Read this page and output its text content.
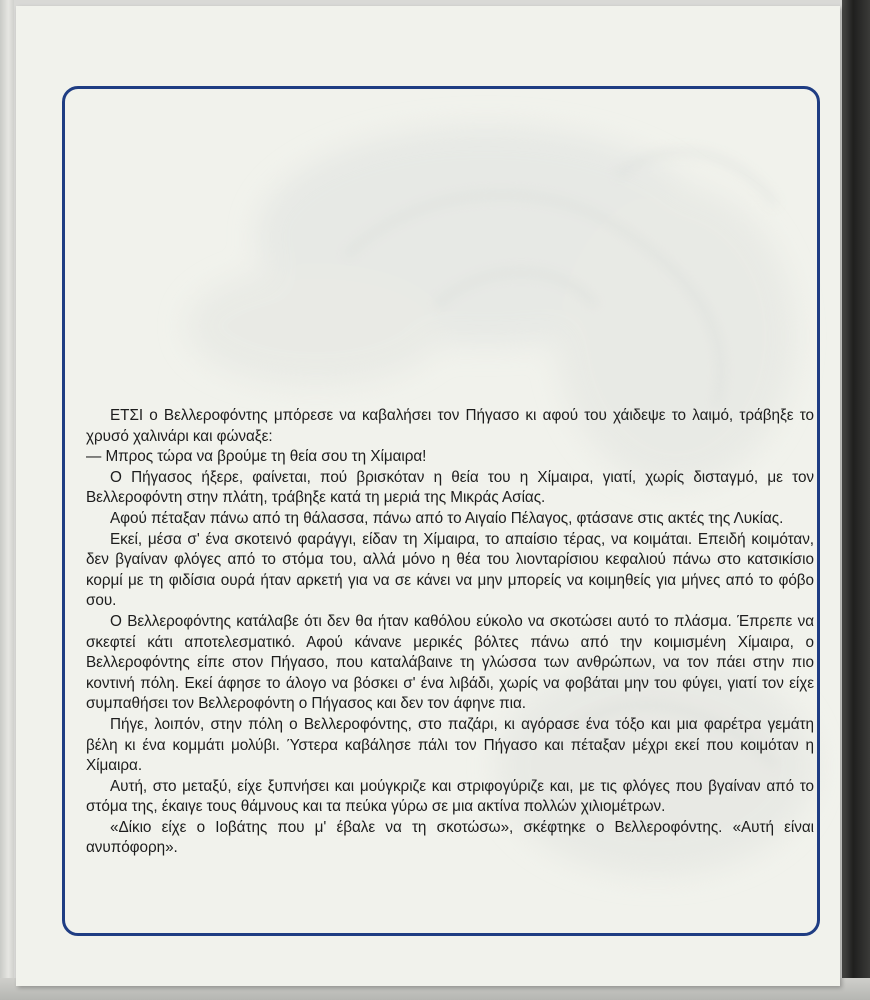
ΕΤΣΙ ο Βελλεροφόντης μπόρεσε να καβαλήσει τον Πήγασο κι αφού του χάιδεψε το λαιμό, τράβηξε το χρυσό χαλινάρι και φώναξε:

— Μπρος τώρα να βρούμε τη θεία σου τη Χίμαιρα!

Ο Πήγασος ήξερε, φαίνεται, πού βρισκόταν η θεία του η Χίμαιρα, γιατί, χωρίς δισταγμό, με τον Βελλεροφόντη στην πλάτη, τράβηξε κατά τη μεριά της Μικράς Ασίας.

Αφού πέταξαν πάνω από τη θάλασσα, πάνω από το Αιγαίο Πέλαγος, φτάσανε στις ακτές της Λυκίας.

Εκεί, μέσα σ' ένα σκοτεινό φαράγγι, είδαν τη Χίμαιρα, το απαίσιο τέρας, να κοιμάται. Επειδή κοιμόταν, δεν βγαίναν φλόγες από το στόμα του, αλλά μόνο η θέα του λιονταρίσιου κεφαλιού πάνω στο κατσικίσιο κορμί με τη φιδίσια ουρά ήταν αρκετή για να σε κάνει να μην μπορείς να κοιμηθείς για μήνες από το φόβο σου.

Ο Βελλεροφόντης κατάλαβε ότι δεν θα ήταν καθόλου εύκολο να σκοτώσει αυτό το πλάσμα. Έπρεπε να σκεφτεί κάτι αποτελεσματικό. Αφού κάνανε μερικές βόλτες πάνω από την κοιμισμένη Χίμαιρα, ο Βελλεροφόντης είπε στον Πήγασο, που καταλάβαινε τη γλώσσα των ανθρώπων, να τον πάει στην πιο κοντινή πόλη. Εκεί άφησε το άλογο να βόσκει σ' ένα λιβάδι, χωρίς να φοβάται μην του φύγει, γιατί τον είχε συμπαθήσει τον Βελλεροφόντη ο Πήγασος και δεν τον άφηνε πια.

Πήγε, λοιπόν, στην πόλη ο Βελλεροφόντης, στο παζάρι, κι αγόρασε ένα τόξο και μια φαρέτρα γεμάτη βέλη κι ένα κομμάτι μολύβι. Ύστερα καβάλησε πάλι τον Πήγασο και πέταξαν μέχρι εκεί που κοιμόταν η Χίμαιρα.

Αυτή, στο μεταξύ, είχε ξυπνήσει και μούγκριζε και στριφογύριζε και, με τις φλόγες που βγαίναν από το στόμα της, έκαιγε τους θάμνους και τα πεύκα γύρω σε μια ακτίνα πολλών χιλιομέτρων.

«Δίκιο είχε ο Ιοβάτης που μ' έβαλε να τη σκοτώσω», σκέφτηκε ο Βελλεροφόντης. «Αυτή είναι ανυπόφορη».
